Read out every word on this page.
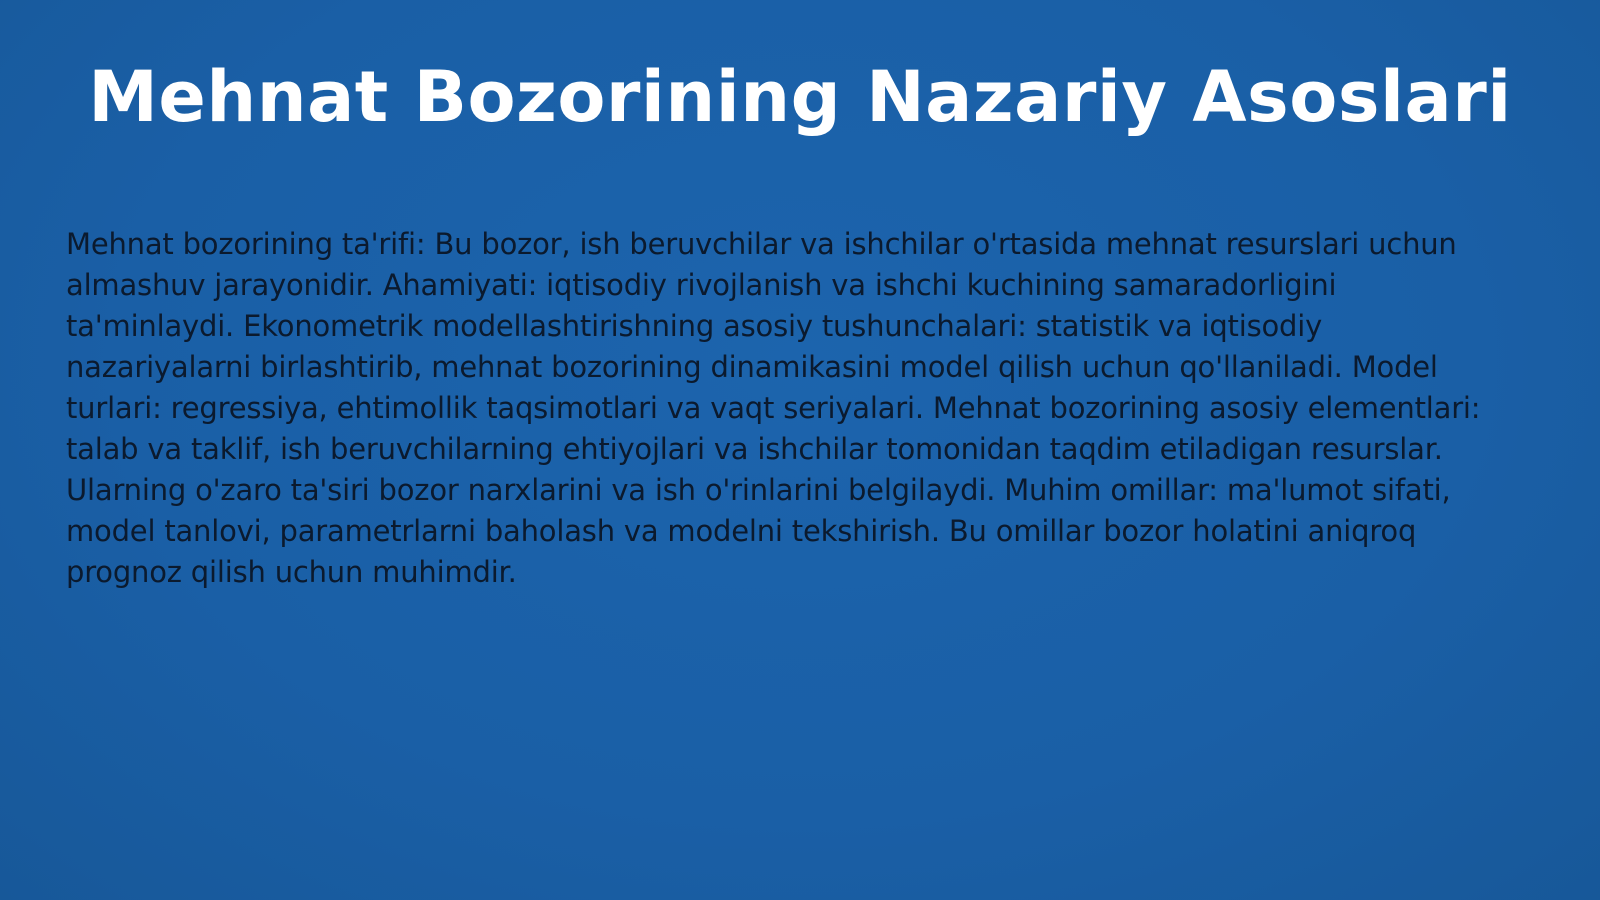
Mehnat Bozorining Nazariy Asoslari

Mehnat bozorining ta'rifi: Bu bozor, ish beruvchilar va ishchilar o'rtasida mehnat resurslari uchun almashuv jarayonidir. Ahamiyati: iqtisodiy rivojlanish va ishchi kuchining samaradorligini ta'minlaydi. Ekonometrik modellashtirishning asosiy tushunchalari: statistik va iqtisodiy nazariyalarni birlashtirib, mehnat bozorining dinamikasini model qilish uchun qo'llaniladi. Model turlari: regressiya, ehtimollik taqsimotlari va vaqt seriyalari. Mehnat bozorining asosiy elementlari: talab va taklif, ish beruvchilarning ehtiyojlari va ishchilar tomonidan taqdim etiladigan resurslar. Ularning o'zaro ta'siri bozor narxlarini va ish o'rinlarini belgilaydi. Muhim omillar: ma'lumot sifati, model tanlovi, parametrlarni baholash va modelni tekshirish. Bu omillar bozor holatini aniqroq prognoz qilish uchun muhimdir.
